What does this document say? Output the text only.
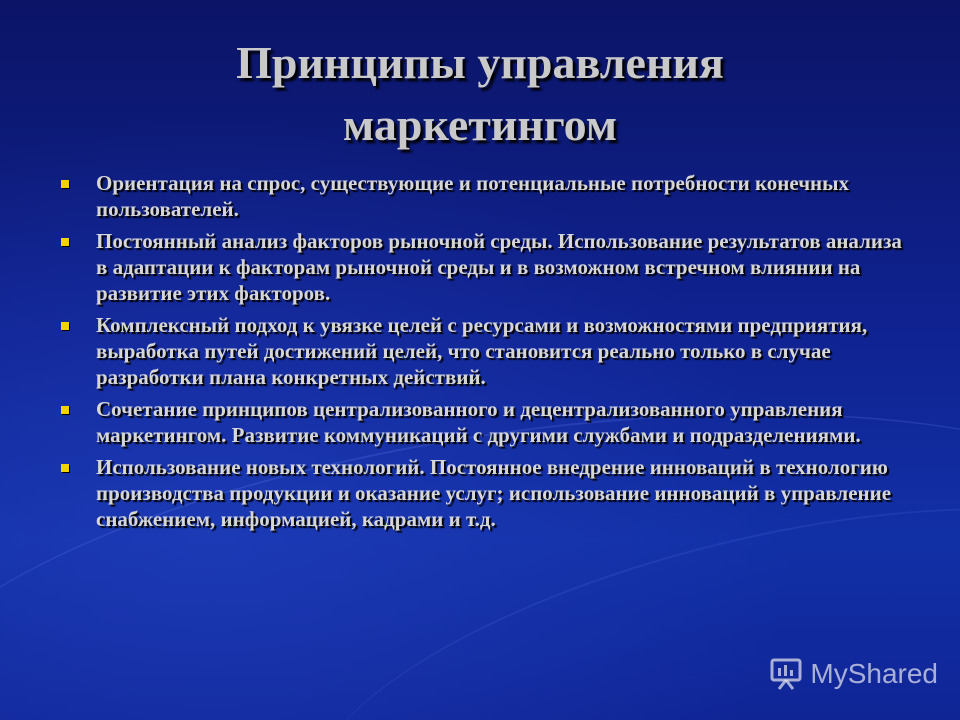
Принципы управления
маркетингом
Ориентация на спрос, существующие и потенциальные потребности конечных пользователей.
Постоянный анализ факторов рыночной среды. Использование результатов анализа в адаптации к факторам рыночной среды и в возможном встречном влиянии на развитие этих факторов.
Комплексный подход к увязке целей с ресурсами и возможностями предприятия, выработка путей достижений целей, что становится реально только в случае разработки плана конкретных действий.
Сочетание принципов централизованного и децентрализованного управления маркетингом. Развитие коммуникаций с другими службами и подразделениями.
Использование новых технологий. Постоянное внедрение инноваций в технологию производства продукции и оказание услуг; использование инноваций в управление снабжением, информацией, кадрами и т.д.
MyShared
